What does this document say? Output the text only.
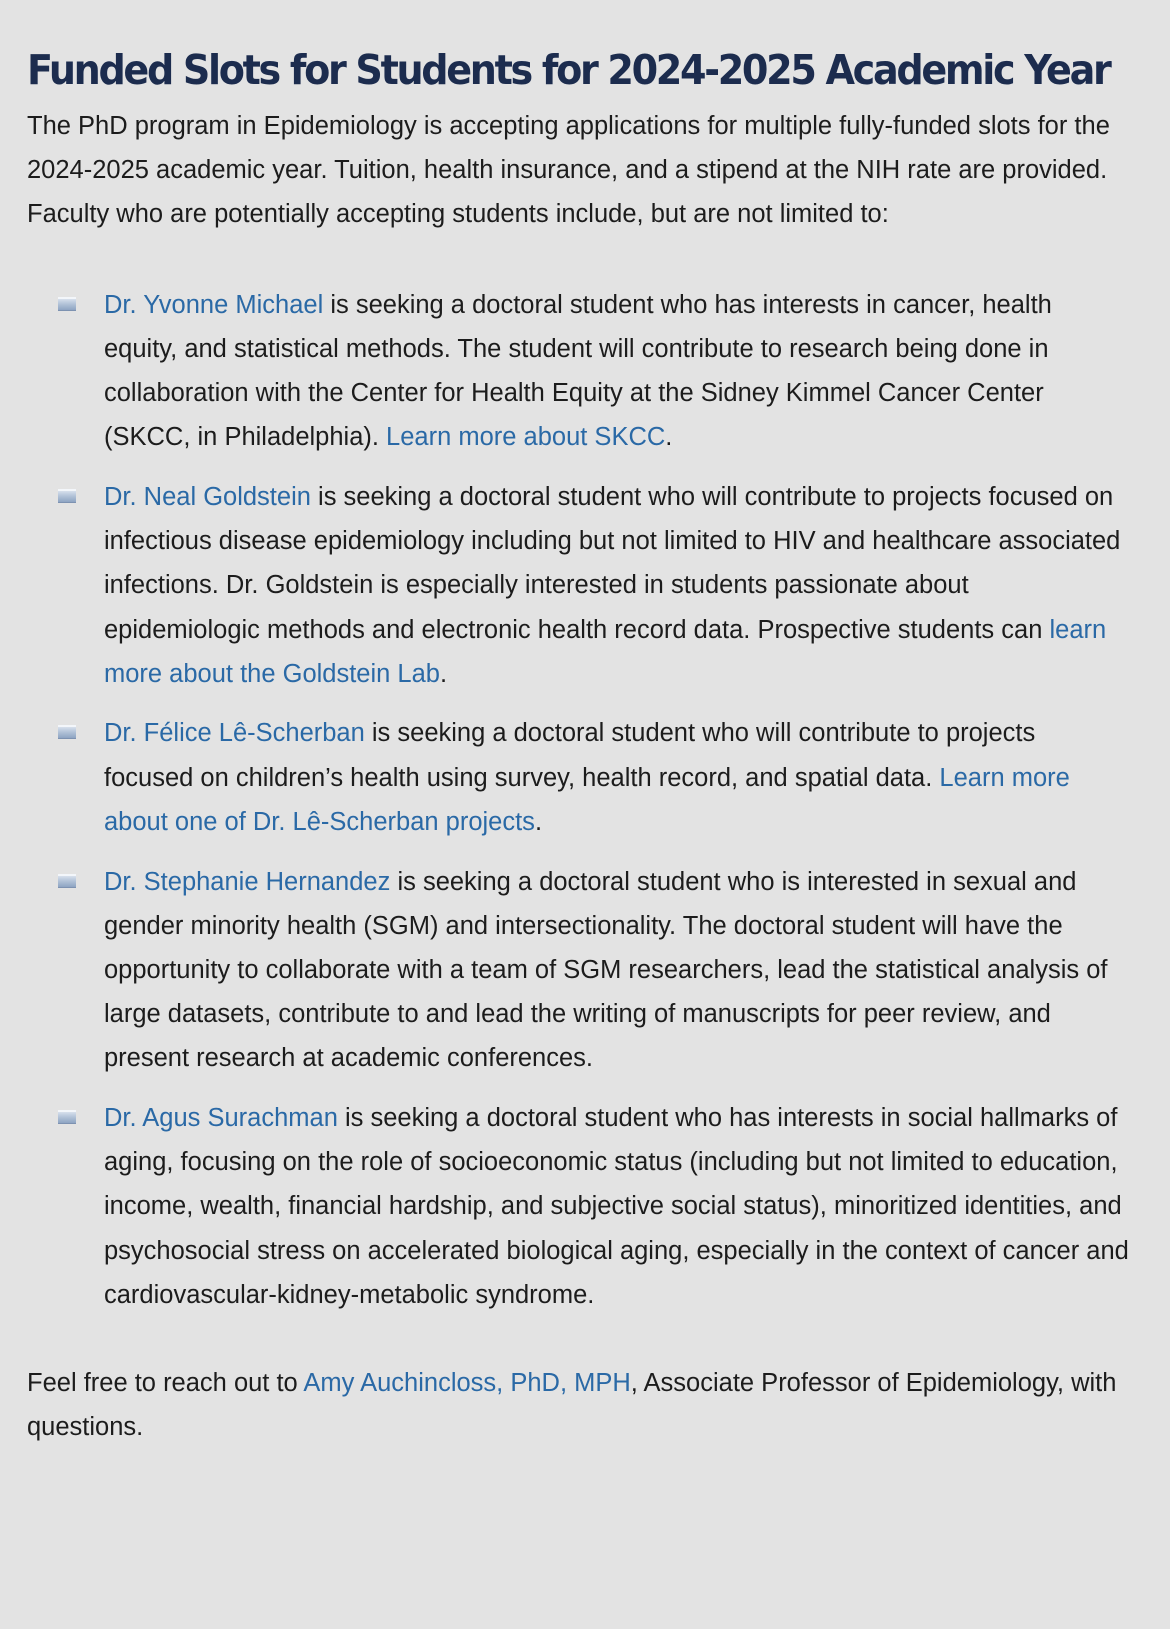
Funded Slots for Students for 2024-2025 Academic Year

The PhD program in Epidemiology is accepting applications for multiple fully-funded slots for the 2024-2025 academic year. Tuition, health insurance, and a stipend at the NIH rate are provided. Faculty who are potentially accepting students include, but are not limited to:

Dr. Yvonne Michael is seeking a doctoral student who has interests in cancer, health equity, and statistical methods. The student will contribute to research being done in collaboration with the Center for Health Equity at the Sidney Kimmel Cancer Center (SKCC, in Philadelphia). Learn more about SKCC.

Dr. Neal Goldstein is seeking a doctoral student who will contribute to projects focused on infectious disease epidemiology including but not limited to HIV and healthcare associated infections. Dr. Goldstein is especially interested in students passionate about epidemiologic methods and electronic health record data. Prospective students can learn more about the Goldstein Lab.

Dr. Félice Lê-Scherban is seeking a doctoral student who will contribute to projects focused on children’s health using survey, health record, and spatial data. Learn more about one of Dr. Lê-Scherban projects.

Dr. Stephanie Hernandez is seeking a doctoral student who is interested in sexual and gender minority health (SGM) and intersectionality. The doctoral student will have the opportunity to collaborate with a team of SGM researchers, lead the statistical analysis of large datasets, contribute to and lead the writing of manuscripts for peer review, and present research at academic conferences.

Dr. Agus Surachman is seeking a doctoral student who has interests in social hallmarks of aging, focusing on the role of socioeconomic status (including but not limited to education, income, wealth, financial hardship, and subjective social status), minoritized identities, and psychosocial stress on accelerated biological aging, especially in the context of cancer and cardiovascular-kidney-metabolic syndrome.

Feel free to reach out to Amy Auchincloss, PhD, MPH, Associate Professor of Epidemiology, with questions.
